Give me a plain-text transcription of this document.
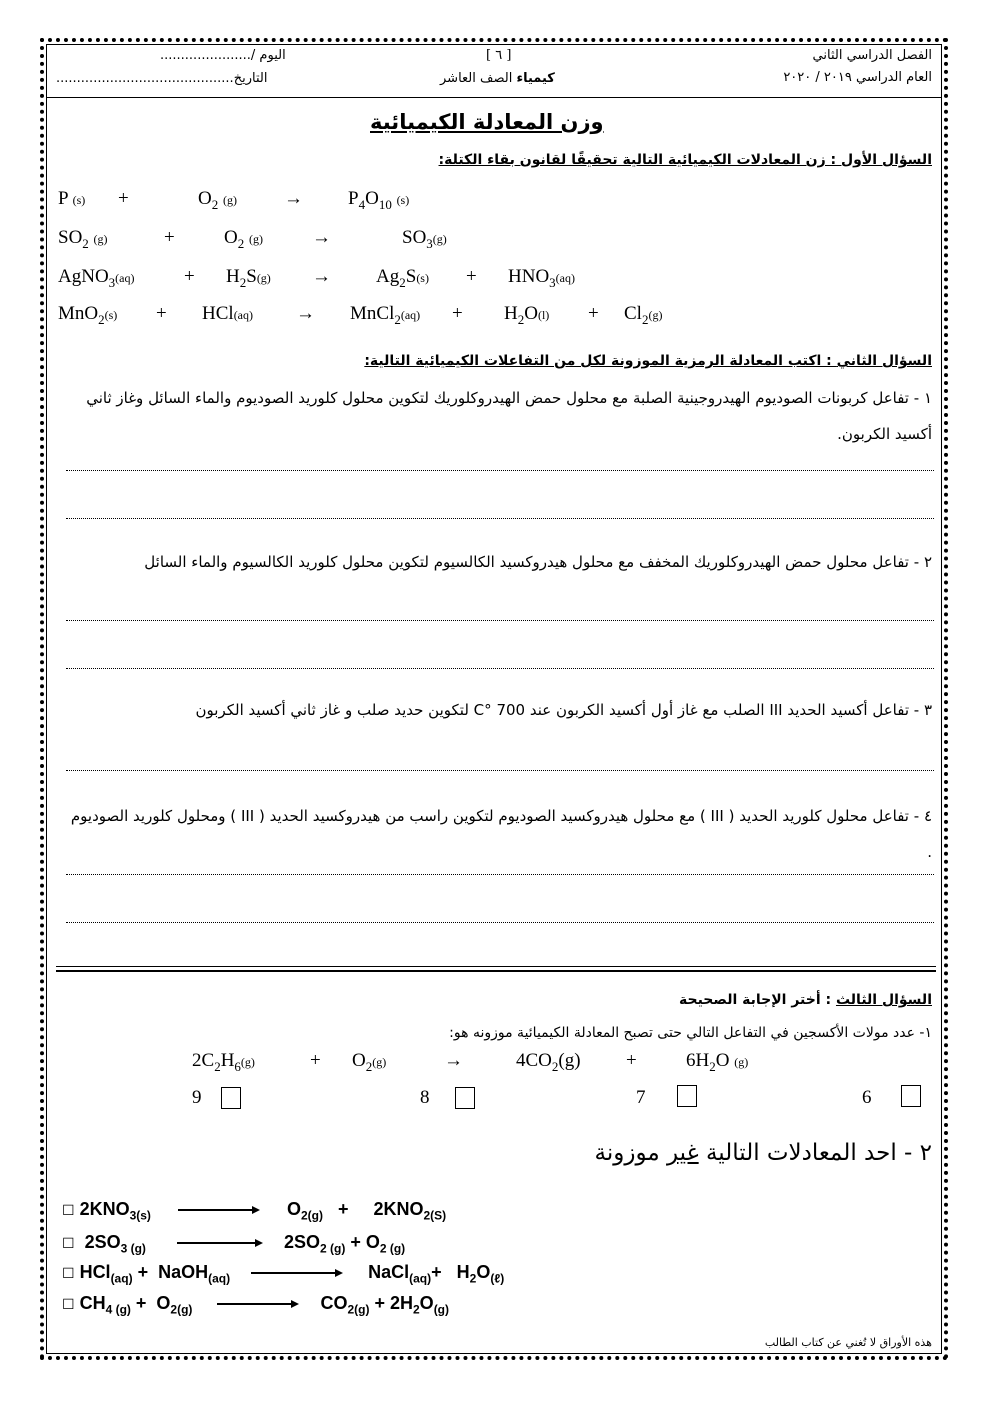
الفصل الدراسي الثاني
العام الدراسي ٢٠١٩ / ٢٠٢٠
[ ٦ ]
كيمياء الصف العاشر
اليوم /......................
التاريخ...........................................
وزن المعادلة الكيميائية
السؤال الأول : زن المعادلات الكيميائية التالية تحقيقًا لقانون بقاء الكتلة:
P (s) +	$O_2$ $(g) \to P_4O_{10}$ (s)
$SO_2$ (g)	+	$O_2$ (g)	→	$SO_3(g)$
AgNO$_3$(aq)	+ $H_2S(g) \to Ag_2S(s) + HNO_3(aq)$
MnO$_2$(s) + HCl(aq) → MnCl$_2$(aq) + $H_2O(l) + Cl_2(g)$
السؤال الثاني : اكتب المعادلة الرمزية الموزونة لكل من التفاعلات الكيميائية التالية:
١ - تفاعل كربونات الصوديوم الهيدروجينية الصلبة مع محلول حمض الهيدروكلوريك لتكوين محلول كلوريد الصوديوم والماء السائل وغاز ثاني أكسيد الكربون.
٢ - تفاعل محلول حمض الهيدروكلوريك المخفف مع محلول هيدروكسيد الكالسيوم لتكوين محلول كلوريد الكالسيوم والماء السائل
٣ - تفاعل أكسيد الحديد III الصلب مع غاز أول أكسيد الكربون عند 700 °C لتكوين حديد صلب و غاز ثاني أكسيد الكربون
٤ - تفاعل محلول كلوريد الحديد ( III ) مع محلول هيدروكسيد الصوديوم لتكوين راسب من هيدروكسيد الحديد ( III ) ومحلول كلوريد الصوديوم .
السؤال الثالث : أختر الإجابة الصحيحة
١- عدد مولات الأكسجين في التفاعل التالي حتى تصبح المعادلة الكيميائية موزونه هو:
$2C_2H_6(g)$	+ $O_2(g)$	→	$4CO_2(g)$ +	$6H_2O$ (g)
9	8	7	6
٢ - احد المعادلات التالية غير موزونة
☐ $2KNO_{3(s)}$	$O_{2(g)}$   +     $2KNO_{2(S)}$
☐  $2SO_{3 (g)}$	$2SO_{2 (g)} + O_{2 (g)}$
☐ HCl$_{(aq)}$ +  NaOH$_{(aq)}$	NaCl$_{(aq)}$+   $H_2O_{(\ell)}$
☐ $CH_{4 (g)} + O_{2(g)}$	$CO_{2(g)} + 2H_2O_{(g)}$
هذه الأوراق لا تُغني عن كتاب الطالب
